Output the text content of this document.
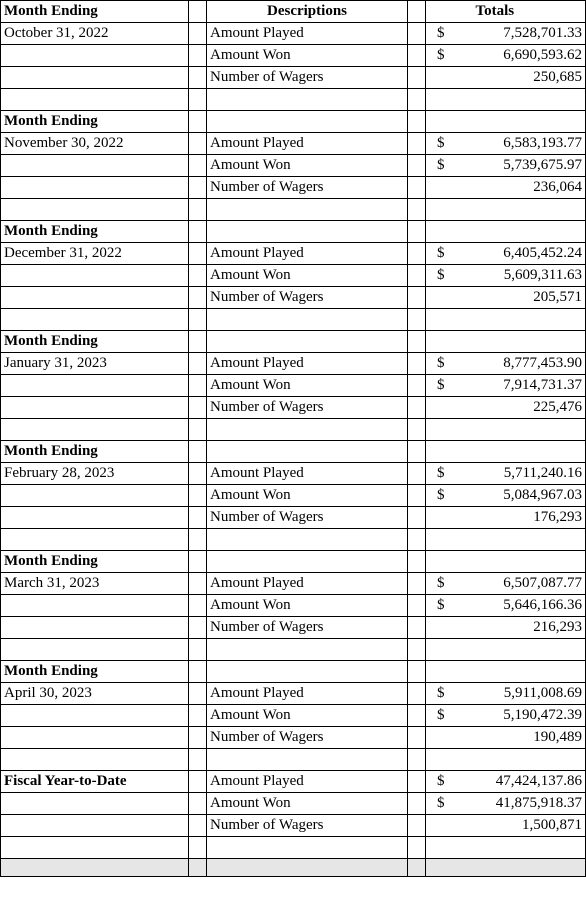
Month Ending		Descriptions			Totals
October 31, 2022		Amount Played		$	7,528,701.33
		Amount Won		$	6,690,593.62
		Number of Wagers			250,685

Month Ending					
November 30, 2022		Amount Played		$	6,583,193.77
		Amount Won		$	5,739,675.97
		Number of Wagers			236,064

Month Ending					
December 31, 2022		Amount Played		$	6,405,452.24
		Amount Won		$	5,609,311.63
		Number of Wagers			205,571

Month Ending					
January 31, 2023		Amount Played		$	8,777,453.90
		Amount Won		$	7,914,731.37
		Number of Wagers			225,476

Month Ending					
February 28, 2023		Amount Played		$	5,711,240.16
		Amount Won		$	5,084,967.03
		Number of Wagers			176,293

Month Ending					
March 31, 2023		Amount Played		$	6,507,087.77
		Amount Won		$	5,646,166.36
		Number of Wagers			216,293

Month Ending					
April 30, 2023		Amount Played		$	5,911,008.69
		Amount Won		$	5,190,472.39
		Number of Wagers			190,489

Fiscal Year-to-Date		Amount Played		$	47,424,137.86
		Amount Won		$	41,875,918.37
		Number of Wagers			1,500,871
